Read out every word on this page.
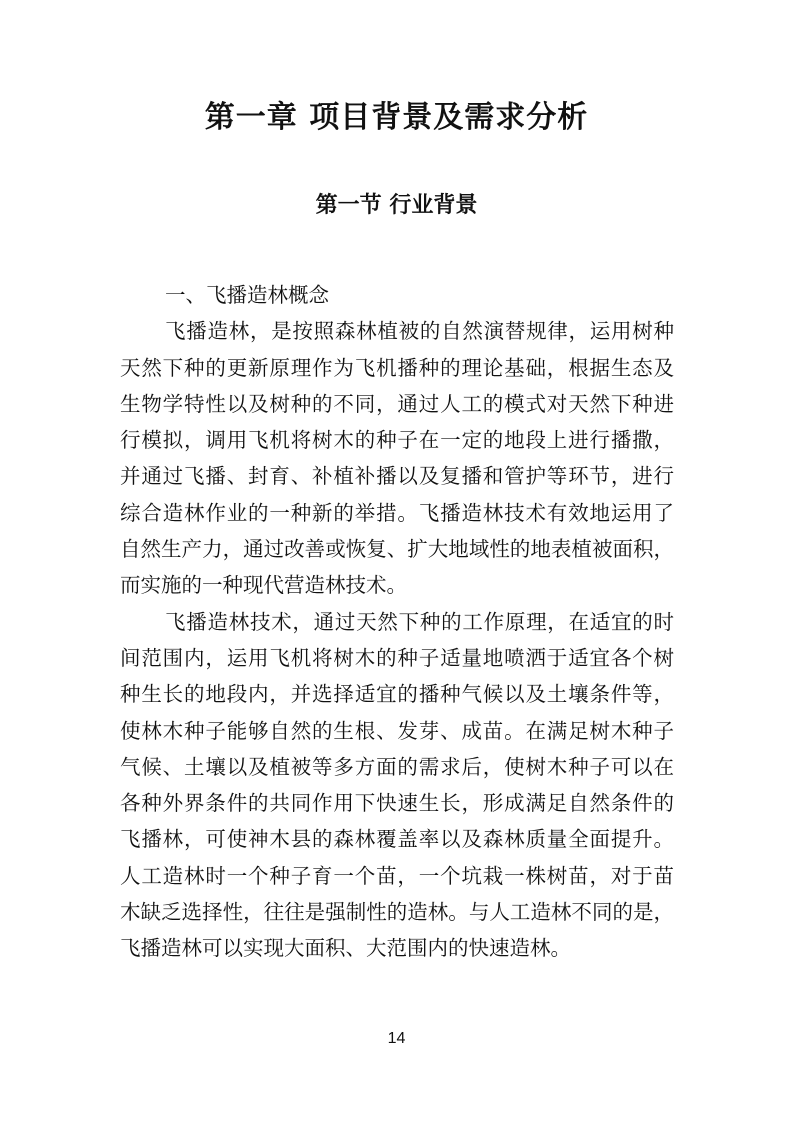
第一章 项目背景及需求分析
第一节 行业背景
一、飞播造林概念
飞播造林，是按照森林植被的自然演替规律，运用树种
天然下种的更新原理作为飞机播种的理论基础，根据生态及
生物学特性以及树种的不同，通过人工的模式对天然下种进
行模拟，调用飞机将树木的种子在一定的地段上进行播撒，
并通过飞播、封育、补植补播以及复播和管护等环节，进行
综合造林作业的一种新的举措。飞播造林技术有效地运用了
自然生产力，通过改善或恢复、扩大地域性的地表植被面积，
而实施的一种现代营造林技术。
飞播造林技术，通过天然下种的工作原理，在适宜的时
间范围内，运用飞机将树木的种子适量地喷洒于适宜各个树
种生长的地段内，并选择适宜的播种气候以及土壤条件等，
使林木种子能够自然的生根、发芽、成苗。在满足树木种子
气候、土壤以及植被等多方面的需求后，使树木种子可以在
各种外界条件的共同作用下快速生长，形成满足自然条件的
飞播林，可使神木县的森林覆盖率以及森林质量全面提升。
人工造林时一个种子育一个苗，一个坑栽一株树苗，对于苗
木缺乏选择性，往往是强制性的造林。与人工造林不同的是，
飞播造林可以实现大面积、大范围内的快速造林。
14
